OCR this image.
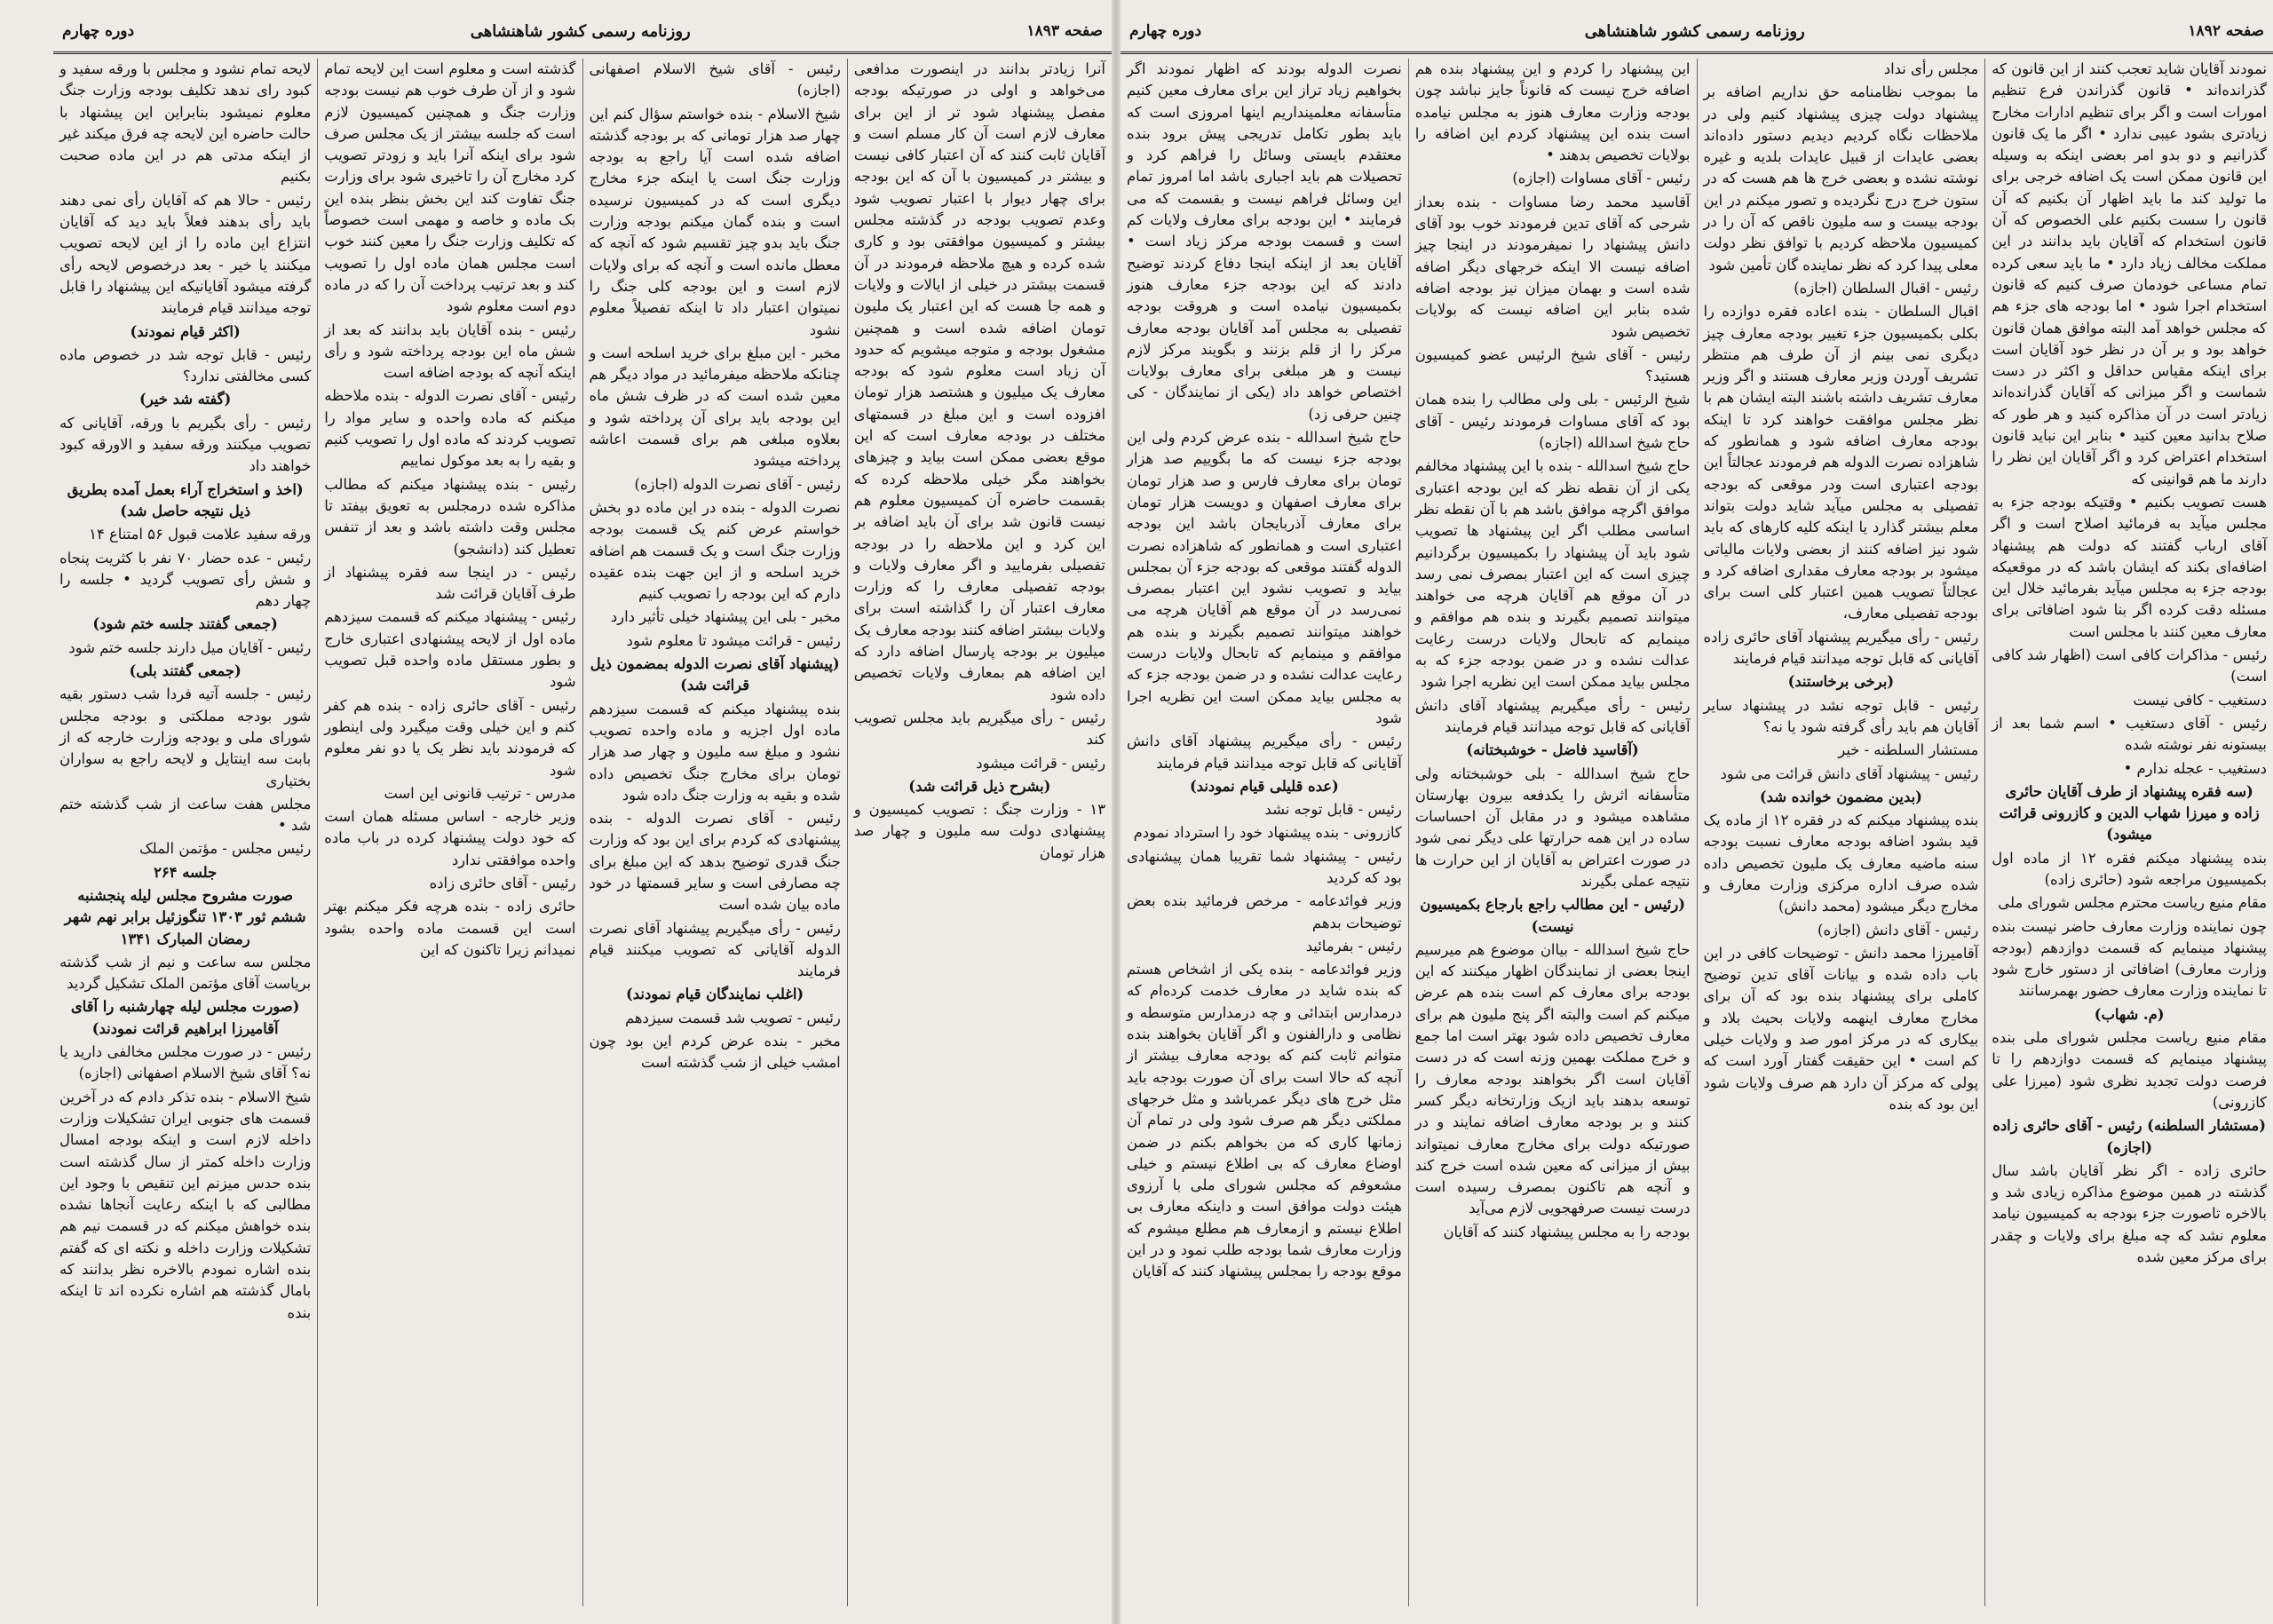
صفحه ۱۸۹۳
روزنامه رسمی کشور شاهنشاهی
دوره چهارم

آنرا زیادتر بدانند در اینصورت مدافعی می‌خواهد و اولی در صورتیکه بودجه مفصل پیشنهاد شود تر از این برای معارف لازم است آن کار مسلم است و آقایان ثابت کنند که آن اعتبار کافی نیست و بیشتر در کمیسیون با آن که این بودجه برای چهار دیوار با اعتبار تصویب شود وعدم تصویب بودجه در گذشته مجلس بیشتر و کمیسیون موافقتی بود و کاری شده کرده و هیچ ملاحظه فرمودند در آن قسمت بیشتر در خیلی از ایالات و ولایات و همه جا هست که این اعتبار یک ملیون تومان اضافه شده است و همچنین مشغول بودجه و متوجه میشویم که حدود آن زیاد است معلوم شود که بودجه معارف یک میلیون و هشتصد هزار تومان افزوده است و این مبلغ در قسمتهای مختلف در بودجه معارف است که این موقع بعضی ممکن است بیاید و چیزهای بخواهند مگر خیلی ملاحظه کرده که بقسمت حاضره آن کمیسیون معلوم هم نیست قانون شد برای آن باید اضافه بر این کرد و این ملاحظه را در بودجه تفصیلی بفرمایید و اگر معارف ولایات و بودجه تفصیلی معارف را که وزارت معارف اعتبار آن را گذاشته است برای ولایات بیشتر اضافه کنند بودجه معارف یک میلیون بر بودجه پارسال اضافه دارد که این اضافه هم بمعارف ولایات تخصیص داده شود

رئیس - رأی میگیریم باید مجلس تصویب کند

رئیس - قرائت میشود

(بشرح ذیل قرائت شد)

۱۳ - وزارت جنگ : تصویب کمیسیون و پیشنهادی دولت سه ملیون و چهار صد هزار تومان

رئیس - آقای شیخ الاسلام اصفهانی (اجازه)

شیخ الاسلام - بنده خواستم سؤال کنم این چهار صد هزار تومانی که بر بودجه گذشته اضافه شده است آیا راجع به بودجه وزارت جنگ است یا اینکه جزء مخارج دیگری است که در کمیسیون نرسیده است و بنده گمان میکنم بودجه وزارت جنگ باید بدو چیز تقسیم شود که آنچه که معطل مانده است و آنچه که برای ولایات لازم است و این بودجه کلی جنگ را نمیتوان اعتبار داد تا اینکه تفصیلاً معلوم نشود

مخبر - این مبلغ برای خرید اسلحه است و چنانکه ملاحظه میفرمائید در مواد دیگر هم معین شده است که در ظرف شش ماه این بودجه باید برای آن پرداخته شود و بعلاوه مبلغی هم برای قسمت اعاشه پرداخته میشود

رئیس - آقای نصرت الدوله (اجازه)

نصرت الدوله - بنده در این ماده دو بخش خواستم عرض کنم یک قسمت بودجه وزارت جنگ است و یک قسمت هم اضافه خرید اسلحه و از این جهت بنده عقیده دارم که این بودجه را تصویب کنیم

مخبر - بلی این پیشنهاد خیلی تأثیر دارد

رئیس - قرائت میشود تا معلوم شود

(پیشنهاد آقای نصرت الدوله بمضمون ذیل قرائت شد)

بنده پیشنهاد میکنم که قسمت سیزدهم ماده اول اجزیه و ماده واحده تصویب نشود و مبلغ سه ملیون و چهار صد هزار تومان برای مخارج جنگ تخصیص داده شده و بقیه به وزارت جنگ داده شود

رئیس - آقای نصرت الدوله - بنده پیشنهادی که کردم برای این بود که وزارت جنگ قدری توضیح بدهد که این مبلغ برای چه مصارفی است و سایر قسمتها در خود ماده بیان شده است

رئیس - رأی میگیریم پیشنهاد آقای نصرت الدوله آقایانی که تصویب میکنند قیام فرمایند

(اغلب نمایندگان قیام نمودند)

رئیس - تصویب شد قسمت سیزدهم

مخبر - بنده عرض کردم این بود چون امشب خیلی از شب گذشته است

گذشته است و معلوم است این لایحه تمام شود و از آن طرف خوب هم نیست بودجه وزارت جنگ و همچنین کمیسیون لازم است که جلسه بیشتر از یک مجلس صرف شود برای اینکه آنرا باید و زودتر تصویب کرد مخارج آن را تاخیری شود برای وزارت جنگ تفاوت کند این بخش بنظر بنده این بک ماده و خاصه و مهمی است خصوصاً که تکلیف وزارت جنگ را معین کنند خوب است مجلس همان ماده اول را تصویب کند و بعد ترتیب پرداخت آن را که در ماده دوم است معلوم شود

رئیس - بنده آقایان باید بدانند که بعد از شش ماه این بودجه پرداخته شود و رأی اینکه آنچه که بودجه اضافه است

رئیس - آقای نصرت الدوله - بنده ملاحظه میکنم که ماده واحده و سایر مواد را تصویب کردند که ماده اول را تصویب کنیم و بقیه را به بعد موکول نماییم

رئیس - بنده پیشنهاد میکنم که مطالب مذاکره شده درمجلس به تعویق بیفتد تا مجلس وقت داشته باشد و بعد از تنفس تعطیل کند (دانشجو)

رئیس - در اینجا سه فقره پیشنهاد از طرف آقایان قرائت شد

رئیس - پیشنهاد میکنم که قسمت سیزدهم ماده اول از لایحه پیشنهادی اعتباری خارج و بطور مستقل ماده واحده قبل تصویب شود

رئیس - آقای حائری زاده - بنده هم کفر کنم و این خیلی وقت میگیرد ولی اینطور که فرمودند باید نظر یک یا دو نفر معلوم شود

مدرس - ترتیب قانونی این است

وزیر خارجه - اساس مسئله همان است که خود دولت پیشنهاد کرده در باب ماده واحده موافقتی ندارد

رئیس - آقای حائری زاده

حائری زاده - بنده هرچه فکر میکنم بهتر است این قسمت ماده واحده بشود نمیدانم زیرا تاکنون که این

لایحه تمام نشود و مجلس با ورقه سفید و کبود رای ندهد تکلیف بودجه وزارت جنگ معلوم نمیشود بنابراین این پیشنهاد با حالت حاضره این لایحه چه فرق میکند غیر از اینکه مدتی هم در این ماده صحبت بکنیم

رئیس - حالا هم که آقایان رأی نمی دهند باید رأی بدهند فعلاً باید دید که آقایان انتزاع این ماده را از این لایحه تصویب میکنند یا خیر - بعد درخصوص لایحه رأی گرفته میشود آقایانیکه این پیشنهاد را قابل توجه میدانند قیام فرمایند

(اکثر قیام نمودند)

رئیس - قابل توجه شد در خصوص ماده کسی مخالفتی ندارد؟

(گفته شد خیر)

رئیس - رأی بگیریم با ورقه، آقایانی که تصویب میکنند ورقه سفید و الاورقه کبود خواهند داد

(اخذ و استخراج آراء بعمل آمده بطریق ذیل نتیجه حاصل شد)

ورقه سفید علامت قبول ۵۶ امتناع ۱۴

رئیس - عده حضار ۷۰ نفر با کثریت پنجاه و شش رأی تصویب گردید • جلسه را چهار دهم

(جمعی گفتند جلسه ختم شود)

رئیس - آقایان میل دارند جلسه ختم شود

(جمعی گفتند بلی)

رئیس - جلسه آتیه فردا شب دستور بقیه شور بودجه مملکتی و بودجه مجلس شورای ملی و بودجه وزارت خارجه که از بابت سه اینتایل و لایحه راجع به سواران بختیاری

مجلس هفت ساعت از شب گذشته ختم شد •

رئیس مجلس - مؤتمن الملک

جلسه ۲۶۴

صورت مشروح مجلس لیله پنجشنبه ششم ثور ۱۳۰۳ تنگوزئیل برابر نهم شهر رمضان المبارک ۱۳۴۱

مجلس سه ساعت و نیم از شب گذشته بریاست آقای مؤتمن الملک تشکیل گردید

(صورت مجلس لیله چهارشنبه را آقای آقامیرزا ابراهیم قرائت نمودند)

رئیس - در صورت مجلس مخالفی دارید یا نه؟ آقای شیخ الاسلام اصفهانی (اجازه)

شیخ الاسلام - بنده تذکر دادم که در آخرین قسمت های جنوبی ایران تشکیلات وزارت داخله لازم است و اینکه بودجه امسال وزارت داخله کمتر از سال گذشته است بنده حدس میزنم این تنقیص با وجود این مطالبی که با اینکه رعایت آنجاها نشده بنده خواهش میکنم که در قسمت نیم هم تشکیلات وزارت داخله و نکته ای که گفتم بنده اشاره نمودم بالاخره نظر بدانند که بامال گذشته هم اشاره نکرده اند تا اینکه بنده

صفحه ۱۸۹۲
روزنامه رسمی کشور شاهنشاهی
دوره چهارم

نمودند آقایان شاید تعجب کنند از این قانون که گذرانده‌اند • قانون گذراندن فرع تنظیم امورات است و اگر برای تنظیم ادارات مخارج زیادتری بشود عیبی ندارد • اگر ما یک قانون گذرانیم و دو بدو امر بعضی اینکه به وسیله این قانون ممکن است یک اضافه خرجی برای ما تولید کند ما باید اظهار آن بکنیم که آن قانون را سست بکنیم علی الخصوص که آن قانون استخدام که آقایان باید بدانند در این مملکت مخالف زیاد دارد • ما باید سعی کرده تمام مساعی خودمان صرف کنیم که قانون استخدام اجرا شود • اما بودجه های جزء هم که مجلس خواهد آمد البته موافق همان قانون خواهد بود و بر آن در نظر خود آقایان است برای اینکه مقیاس حداقل و اکثر در دست شماست و اگر میزانی که آقایان گذرانده‌اند زیادتر است در آن مذاکره کنید و هر طور که صلاح بدانید معین کنید • بنابر این نباید قانون استخدام اعتراض کرد و اگر آقایان این نظر را دارند ما هم قوانینی که

هست تصویب بکنیم • وقتیکه بودجه جزء به مجلس میآید به فرمائید اصلاح است و اگر آقای ارباب گفتند که دولت هم پیشنهاد اضافه‌ای بکند که ایشان باشد که در موقعیکه بودجه جزء به مجلس میآید بفرمائید خلال این مسئله دقت کرده اگر بنا شود اضافاتی برای معارف معین کنند با مجلس است

رئیس - مذاکرات کافی است (اظهار شد کافی است)

دستغیب - کافی نیست

رئیس - آقای دستغیب • اسم شما بعد از بیستونه نفر نوشته شده

دستغیب - عجله ندارم •

(سه فقره پیشنهاد از طرف آقایان حائری زاده و میرزا شهاب الدین و کازرونی قرائت میشود)

بنده پیشنهاد میکنم فقره ۱۲ از ماده اول بکمیسیون مراجعه شود (حائری زاده)

مقام منیع ریاست محترم مجلس شورای ملی

چون نماینده وزارت معارف حاضر نیست بنده پیشنهاد مینمایم که قسمت دوازدهم (بودجه وزارت معارف) اضافاتی از دستور خارج شود تا نماینده وزارت معارف حضور بهمرسانند

(م. شهاب)

مقام منیع ریاست مجلس شورای ملی بنده پیشنهاد مینمایم که قسمت دوازدهم را تا فرصت دولت تجدید نظری شود (میرزا علی کازرونی)

(مستشار السلطنه) رئیس - آقای حائری زاده (اجازه)

حائری زاده - اگر نظر آقایان باشد سال گذشته در همین موضوع مذاکره زیادی شد و بالاخره تاصورت جزء بودجه به کمیسیون نیامد معلوم نشد که چه مبلغ برای ولایات و چقدر برای مرکز معین شده

مجلس رأی نداد

ما بموجب نظامنامه حق نداریم اضافه بر پیشنهاد دولت چیزی پیشنهاد کنیم ولی در ملاحظات نگاه کردیم دیدیم دستور داده‌اند بعضی عایدات از قبیل عایدات بلدیه و غیره نوشته نشده و بعضی خرج ها هم هست که در ستون خرج درج نگردیده و تصور میکنم در این بودجه بیست و سه ملیون ناقص که آن را در کمیسیون ملاحظه کردیم با توافق نظر دولت معلی پیدا کرد که نظر نماینده گان تأمین شود

رئیس - اقبال السلطان (اجازه)

اقبال السلطان - بنده اعاده فقره دوازده را بکلی بکمیسیون جزء تغییر بودجه معارف چیز دیگری نمی بینم از آن طرف هم منتظر تشریف آوردن وزیر معارف هستند و اگر وزیر معارف تشریف داشته باشند البته ایشان هم با نظر مجلس موافقت خواهند کرد تا اینکه بودجه معارف اضافه شود و همانطور که شاهزاده نصرت الدوله هم فرمودند عجالتاً این بودجه اعتباری است ودر موقعی که بودجه تفصیلی به مجلس میآید شاید دولت بتواند معلم بیشتر گذارد یا اینکه کلیه کارهای که باید شود نیز اضافه کنند از بعضی ولایات مالیاتی میشود بر بودجه معارف مقداری اضافه کرد و عجالتاً تصویب همین اعتبار کلی است برای بودجه تفصیلی معارف،

رئیس - رأی میگیریم پیشنهاد آقای حائری زاده آقایانی که قابل توجه میدانند قیام فرمایند

(برخی برخاستند)

رئیس - قابل توجه نشد در پیشنهاد سایر آقایان هم باید رأی گرفته شود یا نه؟

مستشار السلطنه - خیر

رئیس - پیشنهاد آقای دانش قرائت می شود

(بدین مضمون خوانده شد)

بنده پیشنهاد میکنم که در فقره ۱۲ از ماده یک قید بشود اضافه بودجه معارف نسبت بودجه سنه ماضیه معارف یک ملیون تخصیص داده شده صرف اداره مرکزی وزارت معارف و مخارج دیگر میشود (محمد دانش)

رئیس - آقای دانش (اجازه)

آقامیرزا محمد دانش - توضیحات کافی در این باب داده شده و بیانات آقای تدین توضیح کاملی برای پیشنهاد بنده بود که آن برای مخارج معارف اینهمه ولایات بحیث بلاد و بیکاری که در مرکز امور صد و ولایات خیلی کم است • این حقیقت گفتار آورد است که پولی که مرکز آن دارد هم صرف ولایات شود این بود که بنده

این پیشنهاد را کردم و این پیشنهاد بنده هم اضافه خرج نیست که قانوناً جایز نباشد چون بودجه وزارت معارف هنوز به مجلس نیامده است بنده این پیشنهاد کردم این اضافه را بولایات تخصیص بدهند •

رئیس - آقای مساوات (اجازه)

آقاسید محمد رضا مساوات - بنده بعداز شرحی که آقای تدین فرمودند خوب بود آقای دانش پیشنهاد را نمیفرمودند در اینجا چیز اضافه نیست الا اینکه خرجهای دیگر اضافه شده است و بهمان میزان نیز بودجه اضافه شده بنابر این اضافه نیست که بولایات تخصیص شود

رئیس - آقای شیخ الرئیس عضو کمیسیون هستید؟

شیخ الرئیس - بلی ولی مطالب را بنده همان بود که آقای مساوات فرمودند رئیس - آقای حاج شیخ اسدالله (اجازه)

حاج شیخ اسدالله - بنده با این پیشنهاد مخالفم یکی از آن نقطه نظر که این بودجه اعتباری موافق اگرچه موافق باشد هم با آن نقطه نظر اساسی مطلب اگر این پیشنهاد ها تصویب شود باید آن پیشنهاد را بکمیسیون برگردانیم چیزی است که این اعتبار بمصرف نمی رسد در آن موقع هم آقایان هرچه می خواهند میتوانند تصمیم بگیرند و بنده هم موافقم و مینمایم که تابحال ولایات درست رعایت عدالت نشده و در ضمن بودجه جزء که به مجلس بیاید ممکن است این نظریه اجرا شود

رئیس - رأی میگیریم پیشنهاد آقای دانش آقایانی که قابل توجه میدانند قیام فرمایند

(آقاسید فاضل - خوشبختانه)

حاج شیخ اسدالله - بلی خوشبختانه ولی متأسفانه اثرش را یکدفعه بیرون بهارستان مشاهده میشود و در مقابل آن احساسات ساده در این همه حرارتها علی دیگر نمی شود در صورت اعتراض به آقایان از این حرارت ها نتیجه عملی بگیرند

(رئیس - این مطالب راجع بارجاع بکمیسیون نیست)

حاج شیخ اسدالله - بیاان موضوع هم میرسیم اینجا بعضی از نمایندگان اظهار میکنند که این بودجه برای معارف کم است بنده هم عرض میکنم کم است والبته اگر پنج ملیون هم برای معارف تخصیص داده شود بهتر است اما جمع و خرج مملکت بهمین وزنه است که در دست آقایان است اگر بخواهند بودجه معارف را توسعه بدهند باید ازیک وزارتخانه دیگر کسر کنند و بر بودجه معارف اضافه نمایند و در صورتیکه دولت برای مخارج معارف نمیتواند بیش از میزانی که معین شده است خرج کند و آنچه هم تاکنون بمصرف رسیده است درست نیست صرفهجویی لازم می‌آید

بودجه را به مجلس پیشنهاد کنند که آقایان

نصرت الدوله بودند که اظهار نمودند اگر بخواهیم زیاد تراز این برای معارف معین کنیم متأسفانه معلمینداریم اینها امروزی است که باید بطور تکامل تدریجی پیش برود بنده معتقدم بایستی وسائل را فراهم کرد و تحصیلات هم باید اجباری باشد اما امروز تمام این وسائل فراهم نیست و بقسمت که می فرمایند • این بودجه برای معارف ولایات کم است و قسمت بودجه مرکز زیاد است • آقایان بعد از اینکه اینجا دفاع کردند توضیح دادند که این بودجه جزء معارف هنوز بکمیسیون نیامده است و هروقت بودجه تفصیلی به مجلس آمد آقایان بودجه معارف مرکز را از قلم بزنند و بگویند مرکز لازم نیست و هر مبلغی برای معارف بولایات اختصاص خواهد داد (یکی از نمایندگان - کی چنین حرفی زد)

حاج شیخ اسدالله - بنده عرض کردم ولی این بودجه جزء نیست که ما بگوییم صد هزار تومان برای معارف فارس و صد هزار تومان برای معارف اصفهان و دویست هزار تومان برای معارف آذربایجان باشد این بودجه اعتباری است و همانطور که شاهزاده نصرت الدوله گفتند موقعی که بودجه جزء آن بمجلس بیاید و تصویب نشود این اعتبار بمصرف نمی‌رسد در آن موقع هم آقایان هرچه می خواهند میتوانند تصمیم بگیرند و بنده هم موافقم و مینمایم که تابحال ولایات درست رعایت عدالت نشده و در ضمن بودجه جزء که به مجلس بیاید ممکن است این نظریه اجرا شود

رئیس - رأی میگیریم پیشنهاد آقای دانش آقایانی که قابل توجه میدانند قیام فرمایند

(عده قلیلی قیام نمودند)

رئیس - قابل توجه نشد

کازرونی - بنده پیشنهاد خود را استرداد نمودم

رئیس - پیشنهاد شما تقریبا همان پیشنهادی بود که کردید

وزیر فوائدعامه - مرخص فرمائید بنده بعض توضیحات بدهم

رئیس - بفرمائید

وزیر فوائدعامه - بنده یکی از اشخاص هستم که بنده شاید در معارف خدمت کرده‌ام که درمدارس ابتدائی و چه درمدارس متوسطه و نظامی و دارالفنون و اگر آقایان بخواهند بنده متوانم ثابت کنم که بودجه معارف بیشتر از آنچه که حالا است برای آن صورت بودجه باید مثل خرج های دیگر عمرباشد و مثل خرجهای مملکتی دیگر هم صرف شود ولی در تمام آن زمانها کاری که من بخواهم بکنم در ضمن اوضاع معارف که بی اطلاع نیستم و خیلی مشعوفم که مجلس شورای ملی با آرزوی هیئت دولت موافق است و داینکه معارف بی اطلاع نیستم و ازمعارف هم مطلع میشوم که وزارت معارف شما بودجه طلب نمود و در این موقع بودجه را بمجلس پیشنهاد کنند که آقایان
